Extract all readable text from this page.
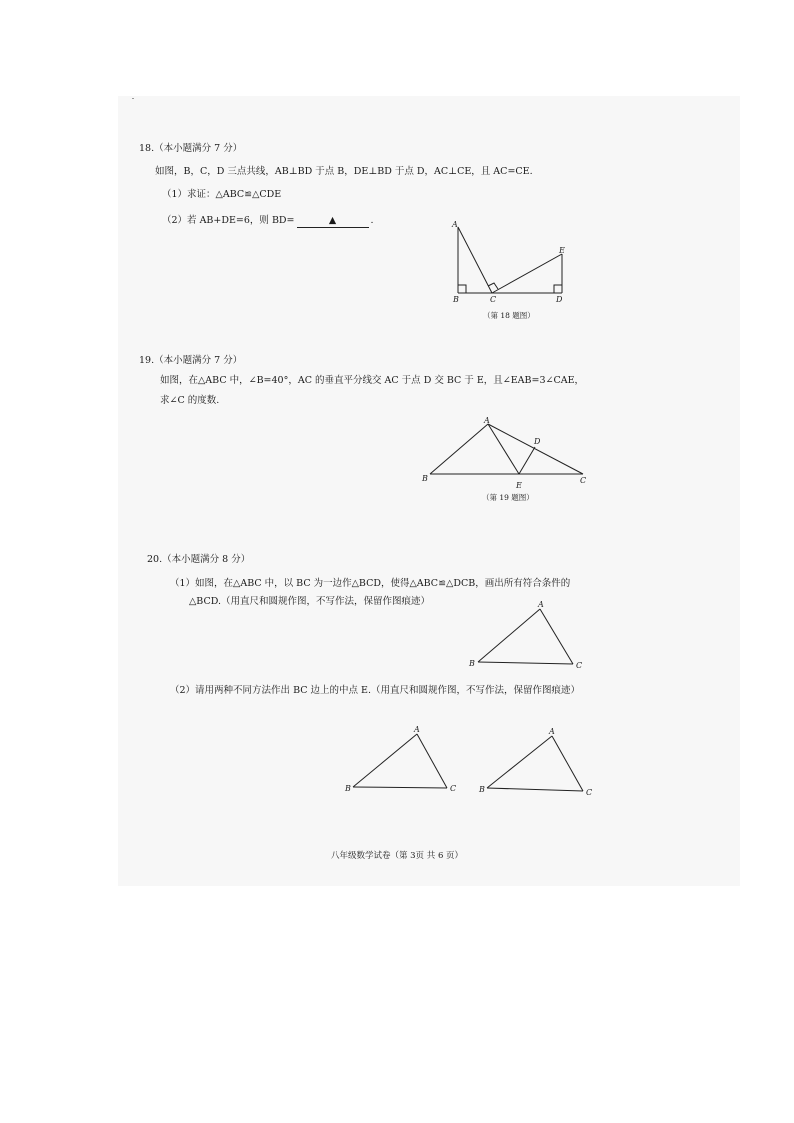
18.（本小题满分 7 分）
如图，B，C，D 三点共线，AB⊥BD 于点 B，DE⊥BD 于点 D，AC⊥CE，且 AC=CE.
（1）求证：△ABC≌△CDE
（2）若 AB+DE=6，则 BD=	▲	.	A
B	C	D
E
A
B	C
D
E
A
B	C
A
B	C
A
B	C
（第 18 题图）
19.（本小题满分 7 分）
如图，在△ABC 中，∠B=40°，AC 的垂直平分线交 AC 于点 D 交 BC 于 E，且∠EAB=3∠CAE，
求∠C 的度数.
（第 19 题图）
20.（本小题满分 8 分）
（1）如图，在△ABC 中，以 BC 为一边作△BCD，使得△ABC≌△DCB，画出所有符合条件的
△BCD.（用直尺和圆规作图，不写作法，保留作图痕迹）
（2）请用两种不同方法作出 BC 边上的中点 E.（用直尺和圆规作图，不写作法，保留作图痕迹）
八年级数学试卷（第 3页 共 6 页）
